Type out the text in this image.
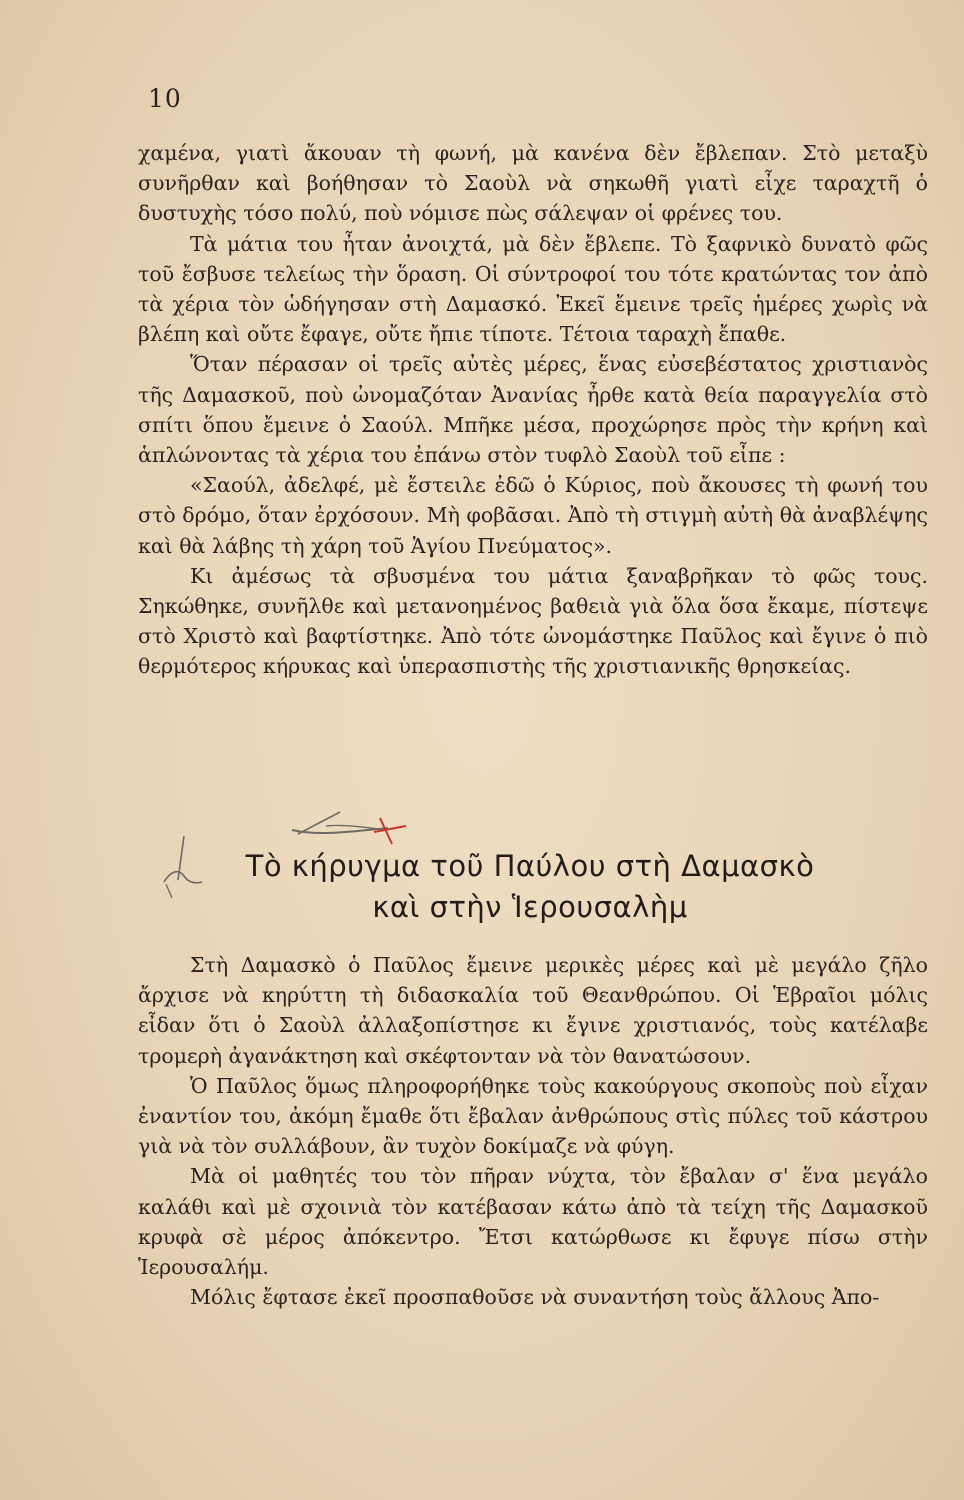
10

χαμένα, γιατὶ ἄκουαν τὴ φωνή, μὰ κανένα δὲν ἔβλεπαν. Στὸ μεταξὺ συνῆρθαν καὶ βοήθησαν τὸ Σαοὺλ νὰ σηκωθῆ γιατὶ εἶχε ταραχτῆ ὁ δυστυχὴς τόσο πολύ, ποὺ νόμισε πὼς σάλεψαν οἱ φρένες του.

Τὰ μάτια του ἦταν ἀνοιχτά, μὰ δὲν ἔβλεπε. Τὸ ξαφνικὸ δυνατὸ φῶς τοῦ ἔσβυσε τελείως τὴν ὅραση. Οἱ σύντροφοί του τότε κρατώντας τον ἀπὸ τὰ χέρια τὸν ὡδήγησαν στὴ Δαμασκό. Ἐκεῖ ἔμεινε τρεῖς ἡμέρες χωρὶς νὰ βλέπη καὶ οὔτε ἔφαγε, οὔτε ἤπιε τίποτε. Τέτοια ταραχὴ ἔπαθε.

Ὅταν πέρασαν οἱ τρεῖς αὐτὲς μέρες, ἕνας εὐσεβέστατος χριστιανὸς τῆς Δαμασκοῦ, ποὺ ὠνομαζόταν Ἀνανίας ἦρθε κατὰ θεία παραγγελία στὸ σπίτι ὅπου ἔμεινε ὁ Σαούλ. Μπῆκε μέσα, προχώρησε πρὸς τὴν κρήνη καὶ ἁπλώνοντας τὰ χέρια του ἐπάνω στὸν τυφλὸ Σαοὺλ τοῦ εἶπε :

«Σαούλ, ἀδελφέ, μὲ ἔστειλε ἐδῶ ὁ Κύριος, ποὺ ἄκουσες τὴ φωνή του στὸ δρόμο, ὅταν ἐρχόσουν. Μὴ φοβᾶσαι. Ἀπὸ τὴ στιγμὴ αὐτὴ θὰ ἀναβλέψης καὶ θὰ λάβης τὴ χάρη τοῦ Ἁγίου Πνεύματος».

Κι ἀμέσως τὰ σβυσμένα του μάτια ξαναβρῆκαν τὸ φῶς τους. Σηκώθηκε, συνῆλθε καὶ μετανοημένος βαθειὰ γιὰ ὅλα ὅσα ἔκαμε, πίστεψε στὸ Χριστὸ καὶ βαφτίστηκε. Ἀπὸ τότε ὠνομάστηκε Παῦλος καὶ ἔγινε ὁ πιὸ θερμότερος κήρυκας καὶ ὑπερασπιστὴς τῆς χριστιανικῆς θρησκείας.

Τὸ κήρυγμα τοῦ Παύλου στὴ Δαμασκὸ
καὶ στὴν Ἱερουσαλὴμ

Στὴ Δαμασκὸ ὁ Παῦλος ἔμεινε μερικὲς μέρες καὶ μὲ μεγάλο ζῆλο ἄρχισε νὰ κηρύττη τὴ διδασκαλία τοῦ Θεανθρώπου. Οἱ Ἑβραῖοι μόλις εἶδαν ὅτι ὁ Σαοὺλ ἀλλαξοπίστησε κι ἔγινε χριστιανός, τοὺς κατέλαβε τρομερὴ ἀγανάκτηση καὶ σκέφτονταν νὰ τὸν θανατώσουν.

Ὁ Παῦλος ὅμως πληροφορήθηκε τοὺς κακούργους σκοποὺς ποὺ εἶχαν ἐναντίον του, ἀκόμη ἔμαθε ὅτι ἔβαλαν ἀνθρώπους στὶς πύλες τοῦ κάστρου γιὰ νὰ τὸν συλλάβουν, ἂν τυχὸν δοκίμαζε νὰ φύγη.

Μὰ οἱ μαθητές του τὸν πῆραν νύχτα, τὸν ἔβαλαν σ' ἕνα μεγάλο καλάθι καὶ μὲ σχοινιὰ τὸν κατέβασαν κάτω ἀπὸ τὰ τείχη τῆς Δαμασκοῦ κρυφὰ σὲ μέρος ἀπόκεντρο. Ἔτσι κατώρθωσε κι ἔφυγε πίσω στὴν Ἱερουσαλήμ.

Μόλις ἔφτασε ἐκεῖ προσπαθοῦσε νὰ συναντήση τοὺς ἄλλους Ἀπο-
